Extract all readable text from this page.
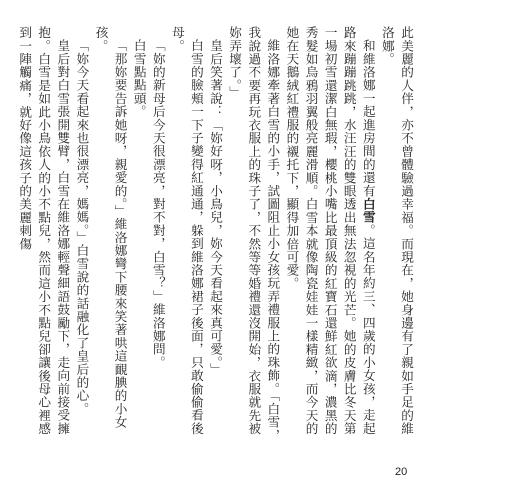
此美麗的人伴，亦不曾體驗過幸福。而現在，她身邊有了親如手足的維洛娜。

和維洛娜一起進房間的還有白雪。這名年約三、四歲的小女孩，走起路來蹦蹦跳跳，水汪汪的雙眼透出無法忽視的光芒。她的皮膚比冬天第一場初雪還潔白無瑕，櫻桃小嘴比最頂級的紅寶石還鮮紅欲滴，濃黑的秀髮如烏鴉羽翼般亮麗滑順。白雪本就像陶瓷娃娃一樣精緻，而今天的她在天鵝絨紅禮服的襯托下，顯得加倍可愛。

維洛娜牽著白雪的小手，試圖阻止小女孩玩弄禮服上的珠飾。「白雪，我說過不要再玩衣服上的珠子了，不然等等婚禮還沒開始，衣服就先被妳弄壞了。」

皇后笑著說：「妳好呀，小鳥兒，妳今天看起來真可愛。」

白雪的臉頰一下子變得紅通通，躲到維洛娜裙子後面，只敢偷偷看後母。

「妳的新母后今天很漂亮，對不對，白雪？」維洛娜問。

白雪點點頭。

「那妳要告訴她呀，親愛的。」維洛娜彎下腰來笑著哄這靦腆的小女孩。

「妳今天看起來也很漂亮，媽媽。」白雪說的話融化了皇后的心。

皇后對白雪張開雙臂，白雪在維洛娜輕聲細語鼓勵下，走向前接受擁抱。白雪是如此小鳥依人的小不點兒，然而這小不點兒卻讓後母心裡感到一陣觸痛，就好像這孩子的美麗刺傷

20
